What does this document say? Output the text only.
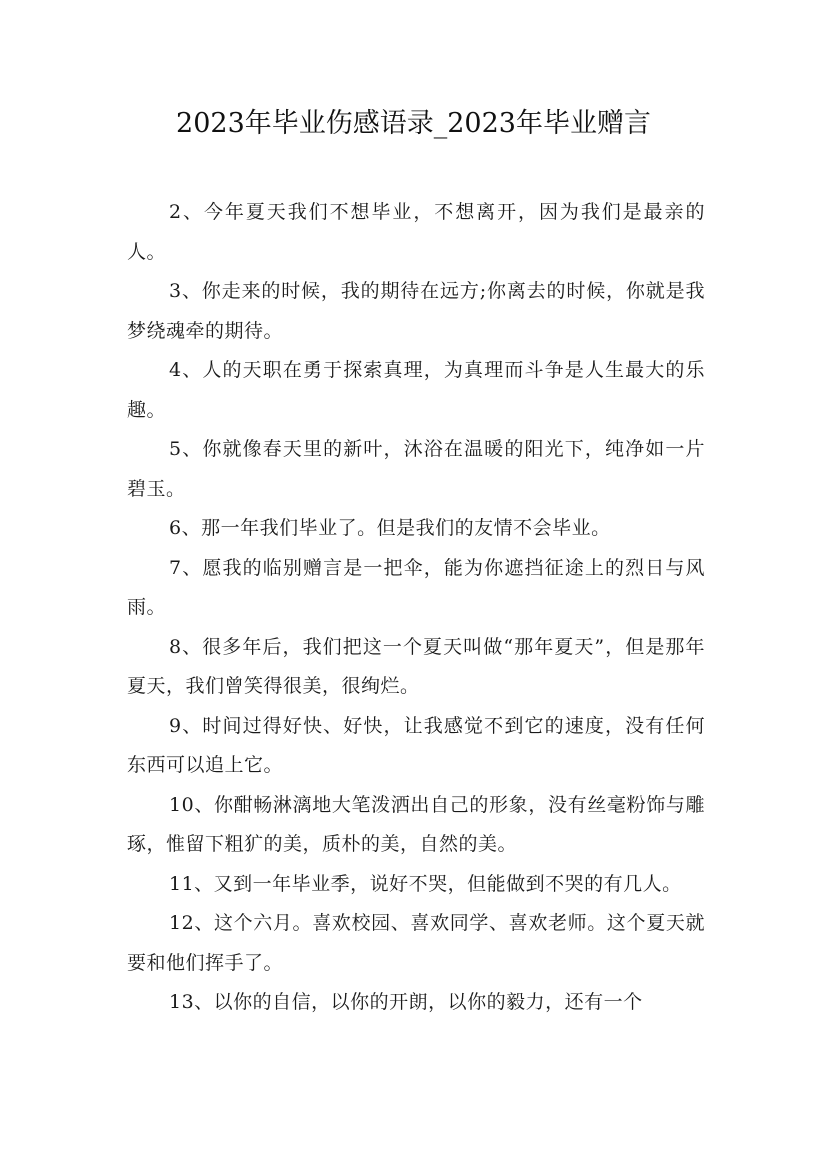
2023年毕业伤感语录_2023年毕业赠言

2、今年夏天我们不想毕业，不想离开，因为我们是最亲的人。

3、你走来的时候，我的期待在远方;你离去的时候，你就是我梦绕魂牵的期待。

4、人的天职在勇于探索真理，为真理而斗争是人生最大的乐趣。

5、你就像春天里的新叶，沐浴在温暖的阳光下，纯净如一片碧玉。

6、那一年我们毕业了。但是我们的友情不会毕业。

7、愿我的临别赠言是一把伞，能为你遮挡征途上的烈日与风雨。

8、很多年后，我们把这一个夏天叫做“那年夏天”，但是那年夏天，我们曾笑得很美，很绚烂。

9、时间过得好快、好快，让我感觉不到它的速度，没有任何东西可以追上它。

10、你酣畅淋漓地大笔泼洒出自己的形象，没有丝毫粉饰与雕琢，惟留下粗犷的美，质朴的美，自然的美。

11、又到一年毕业季，说好不哭，但能做到不哭的有几人。

12、这个六月。喜欢校园、喜欢同学、喜欢老师。这个夏天就要和他们挥手了。

13、以你的自信，以你的开朗，以你的毅力，还有一个
